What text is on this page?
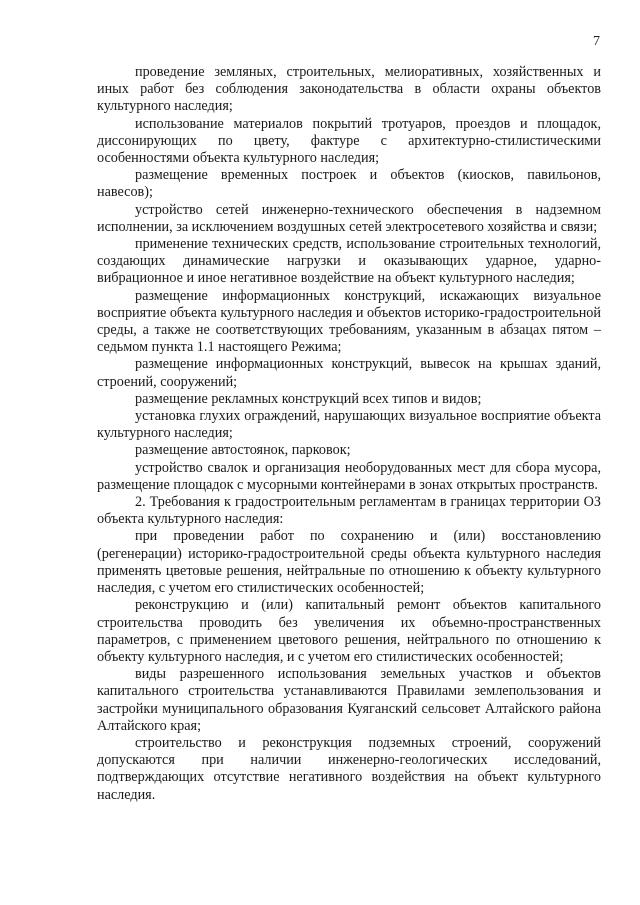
7

проведение земляных, строительных, мелиоративных, хозяйственных и иных работ без соблюдения законодательства в области охраны объектов культурного наследия;

использование материалов покрытий тротуаров, проездов и площадок, диссонирующих по цвету, фактуре с архитектурно-стилистическими особенностями объекта культурного наследия;

размещение временных построек и объектов (киосков, павильонов, навесов);

устройство сетей инженерно-технического обеспечения в надземном исполнении, за исключением воздушных сетей электросетевого хозяйства и связи;

применение технических средств, использование строительных технологий, создающих динамические нагрузки и оказывающих ударное, ударно-вибрационное и иное негативное воздействие на объект культурного наследия;

размещение информационных конструкций, искажающих визуальное восприятие объекта культурного наследия и объектов историко-градостроительной среды, а также не соответствующих требованиям, указанным в абзацах пятом – седьмом пункта 1.1 настоящего Режима;

размещение информационных конструкций, вывесок на крышах зданий, строений, сооружений;

размещение рекламных конструкций всех типов и видов;

установка глухих ограждений, нарушающих визуальное восприятие объекта культурного наследия;

размещение автостоянок, парковок;

устройство свалок и организация необорудованных мест для сбора мусора, размещение площадок с мусорными контейнерами в зонах открытых пространств.

2. Требования к градостроительным регламентам в границах территории ОЗ объекта культурного наследия:

при проведении работ по сохранению и (или) восстановлению (регенерации) историко-градостроительной среды объекта культурного наследия применять цветовые решения, нейтральные по отношению к объекту культурного наследия, с учетом его стилистических особенностей;

реконструкцию и (или) капитальный ремонт объектов капитального строительства проводить без увеличения их объемно-пространственных параметров, с применением цветового решения, нейтрального по отношению к объекту культурного наследия, и с учетом его стилистических особенностей;

виды разрешенного использования земельных участков и объектов капитального строительства устанавливаются Правилами землепользования и застройки муниципального образования Куяганский сельсовет Алтайского района Алтайского края;

строительство и реконструкция подземных строений, сооружений допускаются при наличии инженерно-геологических исследований, подтверждающих отсутствие негативного воздействия на объект культурного наследия.
